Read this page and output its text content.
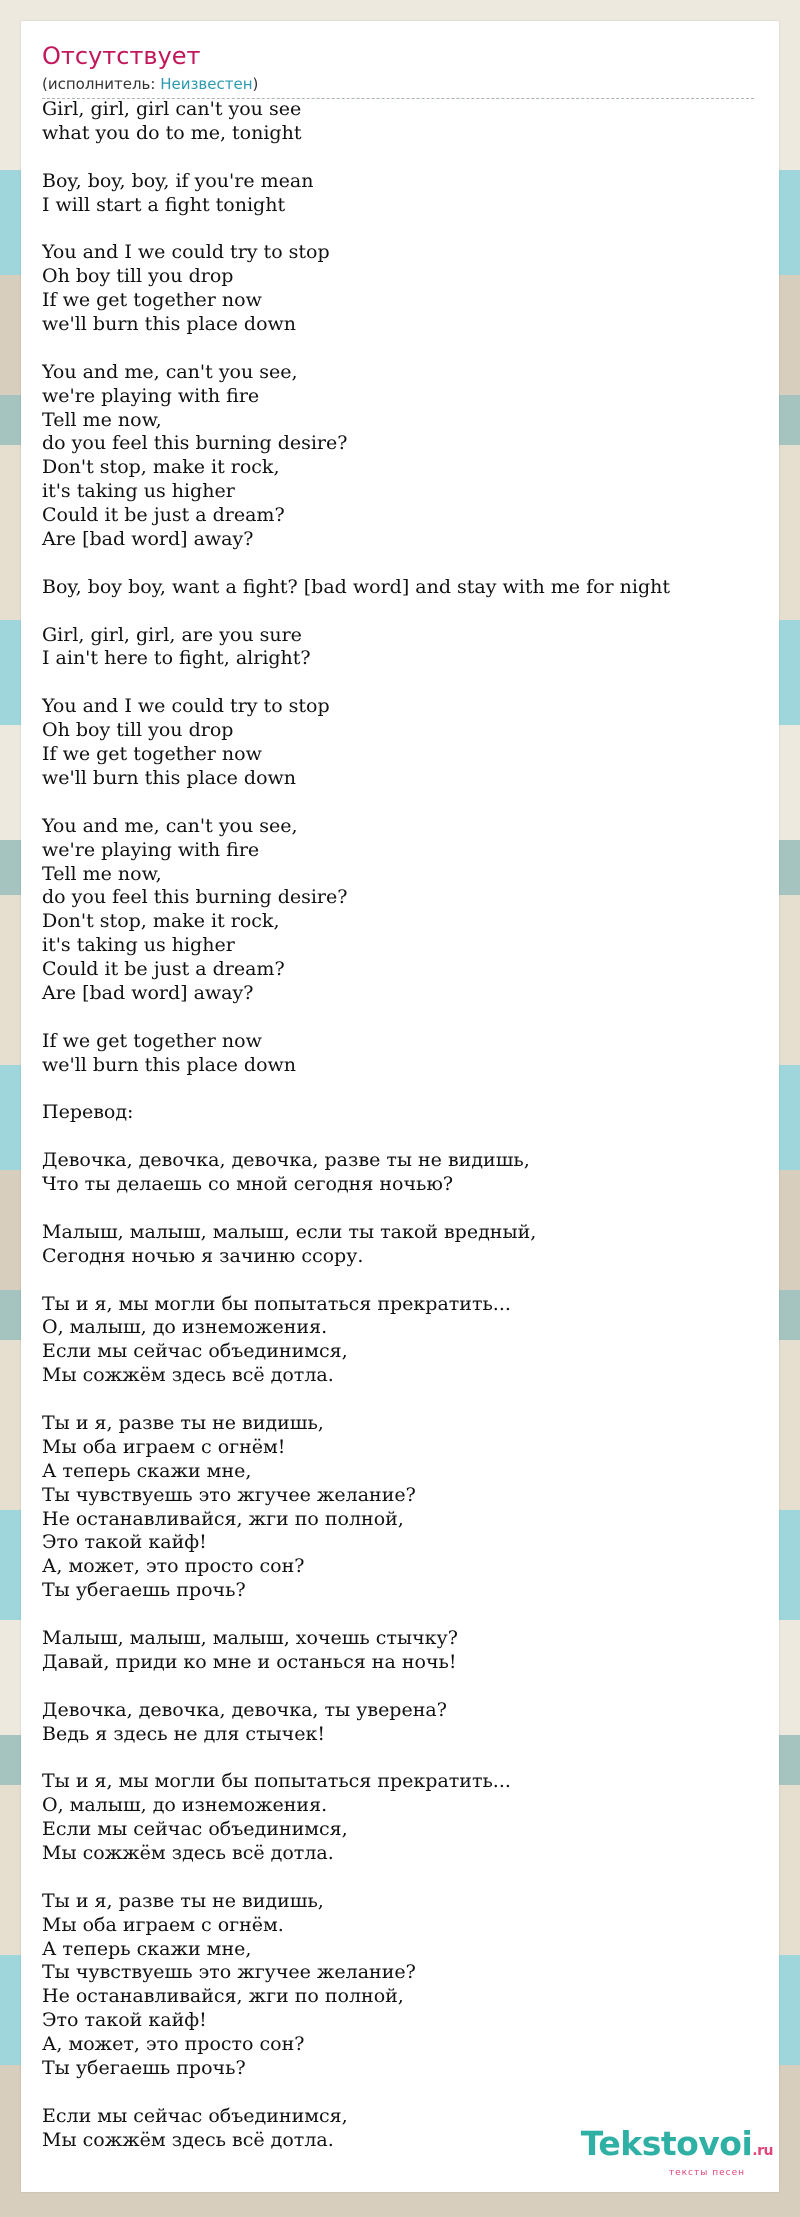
Отсутствует
(исполнитель: Неизвестен)
Girl, girl, girl can't you see
what you do to me, tonight
Boy, boy, boy, if you're mean
I will start a fight tonight
You and I we could try to stop
Oh boy till you drop
If we get together now
we'll burn this place down
You and me, can't you see,
we're playing with fire
Tell me now,
do you feel this burning desire?
Don't stop, make it rock,
it's taking us higher
Could it be just a dream?
Are [bad word] away?
Boy, boy boy, want a fight? [bad word] and stay with me for night
Girl, girl, girl, are you sure
I ain't here to fight, alright?
You and I we could try to stop
Oh boy till you drop
If we get together now
we'll burn this place down
You and me, can't you see,
we're playing with fire
Tell me now,
do you feel this burning desire?
Don't stop, make it rock,
it's taking us higher
Could it be just a dream?
Are [bad word] away?
If we get together now
we'll burn this place down
Перевод:
Девочка, девочка, девочка, разве ты не видишь,
Что ты делаешь со мной сегодня ночью?
Малыш, малыш, малыш, если ты такой вредный,
Сегодня ночью я зачиню ссору.
Ты и я, мы могли бы попытаться прекратить...
О, малыш, до изнеможения.
Если мы сейчас объединимся,
Мы сожжём здесь всё дотла.
Ты и я, разве ты не видишь,
Мы оба играем с огнём!
А теперь скажи мне,
Ты чувствуешь это жгучее желание?
Не останавливайся, жги по полной,
Это такой кайф!
А, может, это просто сон?
Ты убегаешь прочь?
Малыш, малыш, малыш, хочешь стычку?
Давай, приди ко мне и останься на ночь!
Девочка, девочка, девочка, ты уверена?
Ведь я здесь не для стычек!
Ты и я, мы могли бы попытаться прекратить...
О, малыш, до изнеможения.
Если мы сейчас объединимся,
Мы сожжём здесь всё дотла.
Ты и я, разве ты не видишь,
Мы оба играем с огнём.
А теперь скажи мне,
Ты чувствуешь это жгучее желание?
Не останавливайся, жги по полной,
Это такой кайф!
А, может, это просто сон?
Ты убегаешь прочь?
Если мы сейчас объединимся,
Мы сожжём здесь всё дотла.	Tekstovoi.ru
тексты песен
